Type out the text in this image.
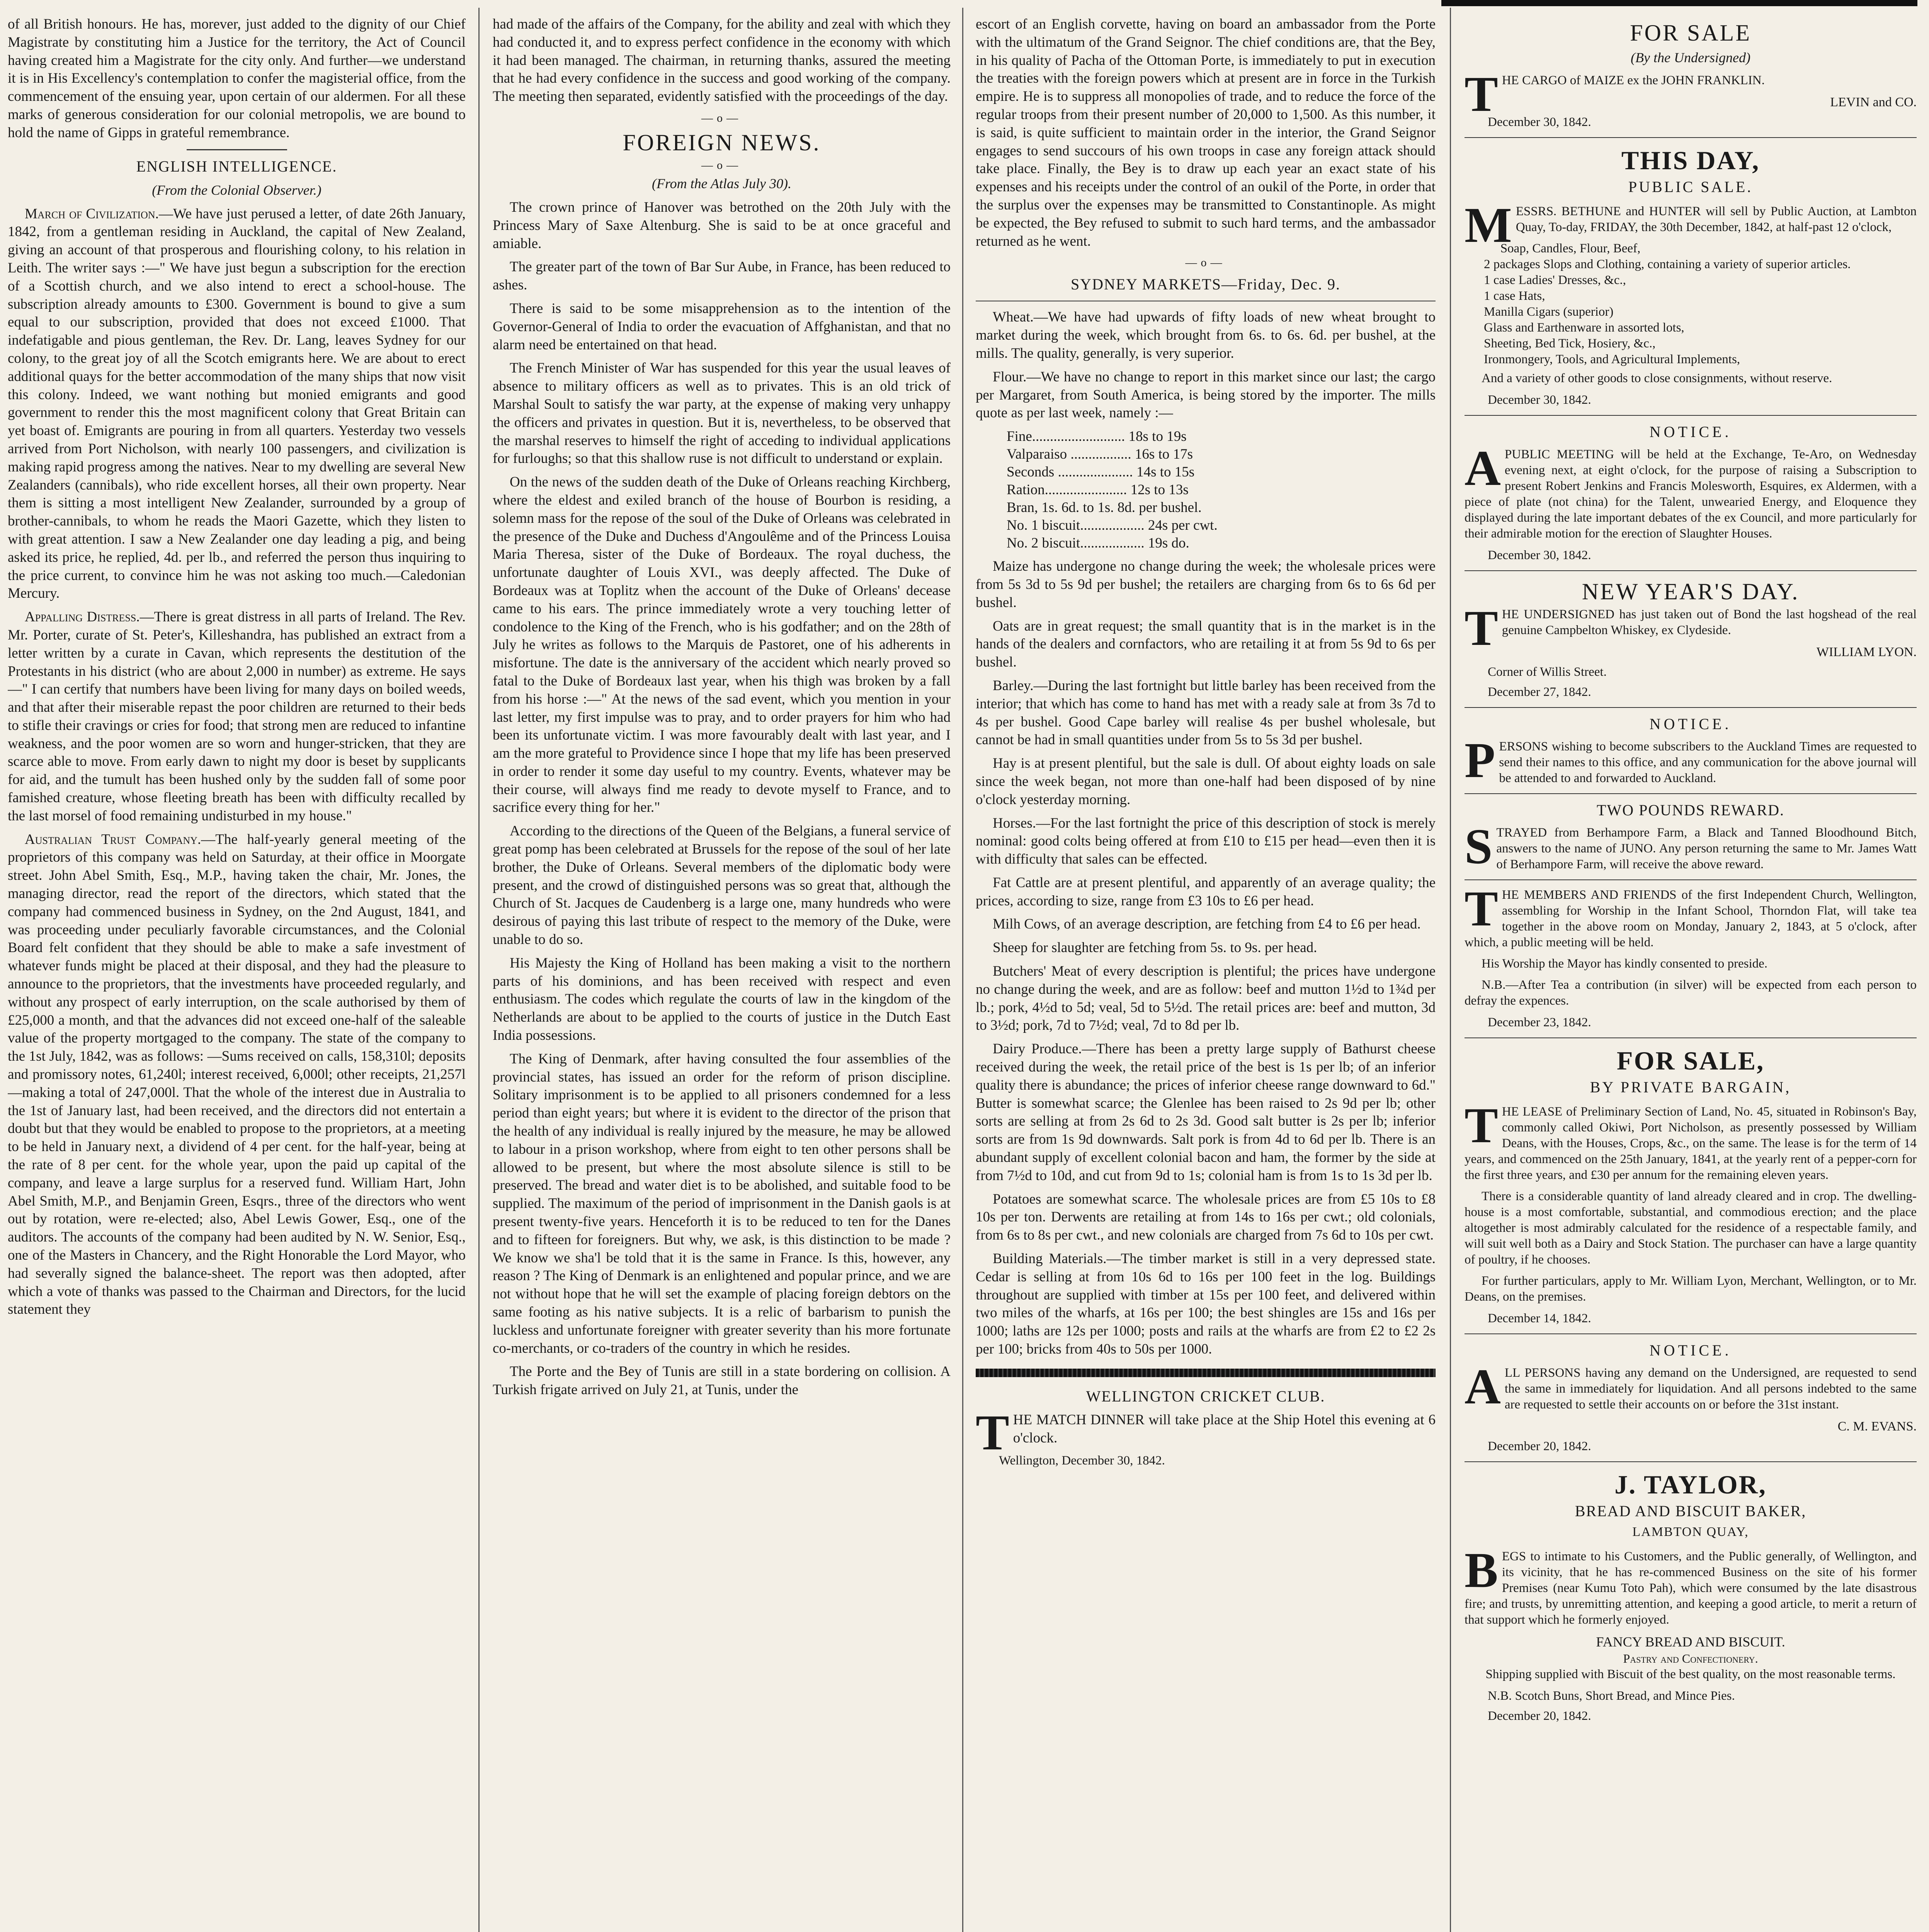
of all British honours. He has, morever, just added to the dignity of our Chief Magistrate by constituting him a Justice for the territory, the Act of Council having created him a Magistrate for the city only. And further—we understand it is in His Excellency's contemplation to confer the magisterial office, from the commencement of the ensuing year, upon certain of our aldermen. For all these marks of generous consideration for our colonial metropolis, we are bound to hold the name of Gipps in grateful remembrance.

ENGLISH INTELLIGENCE.
(From the Colonial Observer.)

March of Civilization.—We have just perused a letter, of date 26th January, 1842, from a gentleman residing in Auckland, the capital of New Zealand, giving an account of that prosperous and flourishing colony, to his relation in Leith. The writer says :—" We have just begun a subscription for the erection of a Scottish church, and we also intend to erect a school-house. The subscription already amounts to £300. Government is bound to give a sum equal to our subscription, provided that does not exceed £1000. That indefatigable and pious gentleman, the Rev. Dr. Lang, leaves Sydney for our colony, to the great joy of all the Scotch emigrants here. We are about to erect additional quays for the better accommodation of the many ships that now visit this colony. Indeed, we want nothing but monied emigrants and good government to render this the most magnificent colony that Great Britain can yet boast of. Emigrants are pouring in from all quarters. Yesterday two vessels arrived from Port Nicholson, with nearly 100 passengers, and civilization is making rapid progress among the natives. Near to my dwelling are several New Zealanders (cannibals), who ride excellent horses, all their own property. Near them is sitting a most intelligent New Zealander, surrounded by a group of brother-cannibals, to whom he reads the Maori Gazette, which they listen to with great attention. I saw a New Zealander one day leading a pig, and being asked its price, he replied, 4d. per lb., and referred the person thus inquiring to the price current, to convince him he was not asking too much.—Caledonian Mercury.

Appalling Distress.—There is great distress in all parts of Ireland. The Rev. Mr. Porter, curate of St. Peter's, Killeshandra, has published an extract from a letter written by a curate in Cavan, which represents the destitution of the Protestants in his district (who are about 2,000 in number) as extreme. He says —" I can certify that numbers have been living for many days on boiled weeds, and that after their miserable repast the poor children are returned to their beds to stifle their cravings or cries for food; that strong men are reduced to infantine weakness, and the poor women are so worn and hunger-stricken, that they are scarce able to move. From early dawn to night my door is beset by supplicants for aid, and the tumult has been hushed only by the sudden fall of some poor famished creature, whose fleeting breath has been with difficulty recalled by the last morsel of food remaining undisturbed in my house."

Australian Trust Company.—The half-yearly general meeting of the proprietors of this company was held on Saturday, at their office in Moorgate street. John Abel Smith, Esq., M.P., having taken the chair, Mr. Jones, the managing director, read the report of the directors, which stated that the company had commenced business in Sydney, on the 2nd August, 1841, and was proceeding under peculiarly favorable circumstances, and the Colonial Board felt confident that they should be able to make a safe investment of whatever funds might be placed at their disposal, and they had the pleasure to announce to the proprietors, that the investments have proceeded regularly, and without any prospect of early interruption, on the scale authorised by them of £25,000 a month, and that the advances did not exceed one-half of the saleable value of the property mortgaged to the company. The state of the company to the 1st July, 1842, was as follows: —Sums received on calls, 158,310l; deposits and promissory notes, 61,240l; interest received, 6,000l; other receipts, 21,257l—making a total of 247,000l. That the whole of the interest due in Australia to the 1st of January last, had been received, and the directors did not entertain a doubt but that they would be enabled to propose to the proprietors, at a meeting to be held in January next, a dividend of 4 per cent. for the half-year, being at the rate of 8 per cent. for the whole year, upon the paid up capital of the company, and leave a large surplus for a reserved fund. William Hart, John Abel Smith, M.P., and Benjamin Green, Esqrs., three of the directors who went out by rotation, were re-elected; also, Abel Lewis Gower, Esq., one of the auditors. The accounts of the company had been audited by N. W. Senior, Esq., one of the Masters in Chancery, and the Right Honorable the Lord Mayor, who had severally signed the balance-sheet. The report was then adopted, after which a vote of thanks was passed to the Chairman and Directors, for the lucid statement they

had made of the affairs of the Company, for the ability and zeal with which they had conducted it, and to express perfect confidence in the economy with which it had been managed. The chairman, in returning thanks, assured the meeting that he had every confidence in the success and good working of the company. The meeting then separated, evidently satisfied with the proceedings of the day.

—o—
FOREIGN NEWS.
—o—
(From the Atlas July 30).

The crown prince of Hanover was betrothed on the 20th July with the Princess Mary of Saxe Altenburg. She is said to be at once graceful and amiable.

The greater part of the town of Bar Sur Aube, in France, has been reduced to ashes.

There is said to be some misapprehension as to the intention of the Governor-General of India to order the evacuation of Affghanistan, and that no alarm need be entertained on that head.

The French Minister of War has suspended for this year the usual leaves of absence to military officers as well as to privates. This is an old trick of Marshal Soult to satisfy the war party, at the expense of making very unhappy the officers and privates in question. But it is, nevertheless, to be observed that the marshal reserves to himself the right of acceding to individual applications for furloughs; so that this shallow ruse is not difficult to understand or explain.

On the news of the sudden death of the Duke of Orleans reaching Kirchberg, where the eldest and exiled branch of the house of Bourbon is residing, a solemn mass for the repose of the soul of the Duke of Orleans was celebrated in the presence of the Duke and Duchess d'Angoulême and of the Princess Louisa Maria Theresa, sister of the Duke of Bordeaux. The royal duchess, the unfortunate daughter of Louis XVI., was deeply affected. The Duke of Bordeaux was at Toplitz when the account of the Duke of Orleans' decease came to his ears. The prince immediately wrote a very touching letter of condolence to the King of the French, who is his godfather; and on the 28th of July he writes as follows to the Marquis de Pastoret, one of his adherents in misfortune. The date is the anniversary of the accident which nearly proved so fatal to the Duke of Bordeaux last year, when his thigh was broken by a fall from his horse :—" At the news of the sad event, which you mention in your last letter, my first impulse was to pray, and to order prayers for him who had been its unfortunate victim. I was more favourably dealt with last year, and I am the more grateful to Providence since I hope that my life has been preserved in order to render it some day useful to my country. Events, whatever may be their course, will always find me ready to devote myself to France, and to sacrifice every thing for her."

According to the directions of the Queen of the Belgians, a funeral service of great pomp has been celebrated at Brussels for the repose of the soul of her late brother, the Duke of Orleans. Several members of the diplomatic body were present, and the crowd of distinguished persons was so great that, although the Church of St. Jacques de Caudenberg is a large one, many hundreds who were desirous of paying this last tribute of respect to the memory of the Duke, were unable to do so.

His Majesty the King of Holland has been making a visit to the northern parts of his dominions, and has been received with respect and even enthusiasm. The codes which regulate the courts of law in the kingdom of the Netherlands are about to be applied to the courts of justice in the Dutch East India possessions.

The King of Denmark, after having consulted the four assemblies of the provincial states, has issued an order for the reform of prison discipline. Solitary imprisonment is to be applied to all prisoners condemned for a less period than eight years; but where it is evident to the director of the prison that the health of any individual is really injured by the measure, he may be allowed to labour in a prison workshop, where from eight to ten other persons shall be allowed to be present, but where the most absolute silence is still to be preserved. The bread and water diet is to be abolished, and suitable food to be supplied. The maximum of the period of imprisonment in the Danish gaols is at present twenty-five years. Henceforth it is to be reduced to ten for the Danes and to fifteen for foreigners. But why, we ask, is this distinction to be made ? We know we sha'l be told that it is the same in France. Is this, however, any reason ? The King of Denmark is an enlightened and popular prince, and we are not without hope that he will set the example of placing foreign debtors on the same footing as his native subjects. It is a relic of barbarism to punish the luckless and unfortunate foreigner with greater severity than his more fortunate co-merchants, or co-traders of the country in which he resides.

The Porte and the Bey of Tunis are still in a state bordering on collision. A Turkish frigate arrived on July 21, at Tunis, under the

escort of an English corvette, having on board an ambassador from the Porte with the ultimatum of the Grand Seignor. The chief conditions are, that the Bey, in his quality of Pacha of the Ottoman Porte, is immediately to put in execution the treaties with the foreign powers which at present are in force in the Turkish empire. He is to suppress all monopolies of trade, and to reduce the force of the regular troops from their present number of 20,000 to 1,500. As this number, it is said, is quite sufficient to maintain order in the interior, the Grand Seignor engages to send succours of his own troops in case any foreign attack should take place. Finally, the Bey is to draw up each year an exact state of his expenses and his receipts under the control of an oukil of the Porte, in order that the surplus over the expenses may be transmitted to Constantinople. As might be expected, the Bey refused to submit to such hard terms, and the ambassador returned as he went.

—o—
SYDNEY MARKETS—Friday, Dec. 9.

Wheat.—We have had upwards of fifty loads of new wheat brought to market during the week, which brought from 6s. to 6s. 6d. per bushel, at the mills. The quality, generally, is very superior.

Flour.—We have no change to report in this market since our last; the cargo per Margaret, from South America, is being stored by the importer. The mills quote as per last week, namely :—

Fine.......................... 18s to 19s
Valparaiso ................. 16s to 17s
Seconds ..................... 14s to 15s
Ration....................... 12s to 13s
Bran, 1s. 6d. to 1s. 8d. per bushel.
No. 1 biscuit.................. 24s per cwt.
No. 2 biscuit.................. 19s do.

Maize has undergone no change during the week; the wholesale prices were from 5s 3d to 5s 9d per bushel; the retailers are charging from 6s to 6s 6d per bushel.

Oats are in great request; the small quantity that is in the market is in the hands of the dealers and cornfactors, who are retailing it at from 5s 9d to 6s per bushel.

Barley.—During the last fortnight but little barley has been received from the interior; that which has come to hand has met with a ready sale at from 3s 7d to 4s per bushel. Good Cape barley will realise 4s per bushel wholesale, but cannot be had in small quantities under from 5s to 5s 3d per bushel.

Hay is at present plentiful, but the sale is dull. Of about eighty loads on sale since the week began, not more than one-half had been disposed of by nine o'clock yesterday morning.

Horses.—For the last fortnight the price of this description of stock is merely nominal: good colts being offered at from £10 to £15 per head—even then it is with difficulty that sales can be effected.

Fat Cattle are at present plentiful, and apparently of an average quality; the prices, according to size, range from £3 10s to £6 per head.

Milh Cows, of an average description, are fetching from £4 to £6 per head.

Sheep for slaughter are fetching from 5s. to 9s. per head.

Butchers' Meat of every description is plentiful; the prices have undergone no change during the week, and are as follow: beef and mutton 1½d to 1¾d per lb.; pork, 4½d to 5d; veal, 5d to 5½d. The retail prices are: beef and mutton, 3d to 3½d; pork, 7d to 7½d; veal, 7d to 8d per lb.

Dairy Produce.—There has been a pretty large supply of Bathurst cheese received during the week, the retail price of the best is 1s per lb; of an inferior quality there is abundance; the prices of inferior cheese range downward to 6d." Butter is somewhat scarce; the Glenlee has been raised to 2s 9d per lb; other sorts are selling at from 2s 6d to 2s 3d. Good salt butter is 2s per lb; inferior sorts are from 1s 9d downwards. Salt pork is from 4d to 6d per lb. There is an abundant supply of excellent colonial bacon and ham, the former by the side at from 7½d to 10d, and cut from 9d to 1s; colonial ham is from 1s to 1s 3d per lb.

Potatoes are somewhat scarce. The wholesale prices are from £5 10s to £8 10s per ton. Derwents are retailing at from 14s to 16s per cwt.; old colonials, from 6s to 8s per cwt., and new colonials are charged from 7s 6d to 10s per cwt.

Building Materials.—The timber market is still in a very depressed state. Cedar is selling at from 10s 6d to 16s per 100 feet in the log. Buildings throughout are supplied with timber at 15s per 100 feet, and delivered within two miles of the wharfs, at 16s per 100; the best shingles are 15s and 16s per 1000; laths are 12s per 1000; posts and rails at the wharfs are from £2 to £2 2s per 100; bricks from 40s to 50s per 1000.

WELLINGTON CRICKET CLUB.

THE MATCH DINNER will take place at the Ship Hotel this evening at 6 o'clock.

Wellington, December 30, 1842.
FOR SALE
(By the Undersigned)

THE CARGO of MAIZE ex the JOHN FRANKLIN.

LEVIN and CO.
December 30, 1842.
THIS DAY,
PUBLIC SALE.

MESSRS. BETHUNE and HUNTER will sell by Public Auction, at Lambton Quay, To-day, FRIDAY, the 30th December, 1842, at half-past 12 o'clock,

Soap, Candles, Flour, Beef,
2 packages Slops and Clothing, containing a variety of superior articles.
1 case Ladies' Dresses, &c.,
1 case Hats,
Manilla Cigars (superior)
Glass and Earthenware in assorted lots,
Sheeting, Bed Tick, Hosiery, &c.,
Ironmongery, Tools, and Agricultural Implements,

And a variety of other goods to close consignments, without reserve.

December 30, 1842.
NOTICE.

APUBLIC MEETING will be held at the Exchange, Te-Aro, on Wednesday evening next, at eight o'clock, for the purpose of raising a Subscription to present Robert Jenkins and Francis Molesworth, Esquires, ex Aldermen, with a piece of plate (not china) for the Talent, unwearied Energy, and Eloquence they displayed during the late important debates of the ex Council, and more particularly for their admirable motion for the erection of Slaughter Houses.

December 30, 1842.
NEW YEAR'S DAY.

THE UNDERSIGNED has just taken out of Bond the last hogshead of the real genuine Campbelton Whiskey, ex Clydeside.

WILLIAM LYON.
Corner of Willis Street.
December 27, 1842.
NOTICE.

PERSONS wishing to become subscribers to the Auckland Times are requested to send their names to this office, and any communication for the above journal will be attended to and forwarded to Auckland.

TWO POUNDS REWARD.

STRAYED from Berhampore Farm, a Black and Tanned Bloodhound Bitch, answers to the name of JUNO. Any person returning the same to Mr. James Watt of Berhampore Farm, will receive the above reward.

THE MEMBERS AND FRIENDS of the first Independent Church, Wellington, assembling for Worship in the Infant School, Thorndon Flat, will take tea together in the above room on Monday, January 2, 1843, at 5 o'clock, after which, a public meeting will be held.

His Worship the Mayor has kindly consented to preside.

N.B.—After Tea a contribution (in silver) will be expected from each person to defray the expences.

December 23, 1842.
FOR SALE,
BY PRIVATE BARGAIN,

THE LEASE of Preliminary Section of Land, No. 45, situated in Robinson's Bay, commonly called Okiwi, Port Nicholson, as presently possessed by William Deans, with the Houses, Crops, &c., on the same. The lease is for the term of 14 years, and commenced on the 25th January, 1841, at the yearly rent of a pepper-corn for the first three years, and £30 per annum for the remaining eleven years.

There is a considerable quantity of land already cleared and in crop. The dwelling-house is a most comfortable, substantial, and commodious erection; and the place altogether is most admirably calculated for the residence of a respectable family, and will suit well both as a Dairy and Stock Station. The purchaser can have a large quantity of poultry, if he chooses.

For further particulars, apply to Mr. William Lyon, Merchant, Wellington, or to Mr. Deans, on the premises.

December 14, 1842.
NOTICE.

ALL PERSONS having any demand on the Undersigned, are requested to send the same in immediately for liquidation. And all persons indebted to the same are requested to settle their accounts on or before the 31st instant.

C. M. EVANS.
December 20, 1842.
J. TAYLOR,
BREAD AND BISCUIT BAKER,
LAMBTON QUAY,

BEGS to intimate to his Customers, and the Public generally, of Wellington, and its vicinity, that he has re-commenced Business on the site of his former Premises (near Kumu Toto Pah), which were consumed by the late disastrous fire; and trusts, by unremitting attention, and keeping a good article, to merit a return of that support which he formerly enjoyed.

FANCY BREAD AND BISCUIT.
Pastry and Confectionery.

Shipping supplied with Biscuit of the best quality, on the most reasonable terms.

N.B. Scotch Buns, Short Bread, and Mince Pies.
December 20, 1842.
